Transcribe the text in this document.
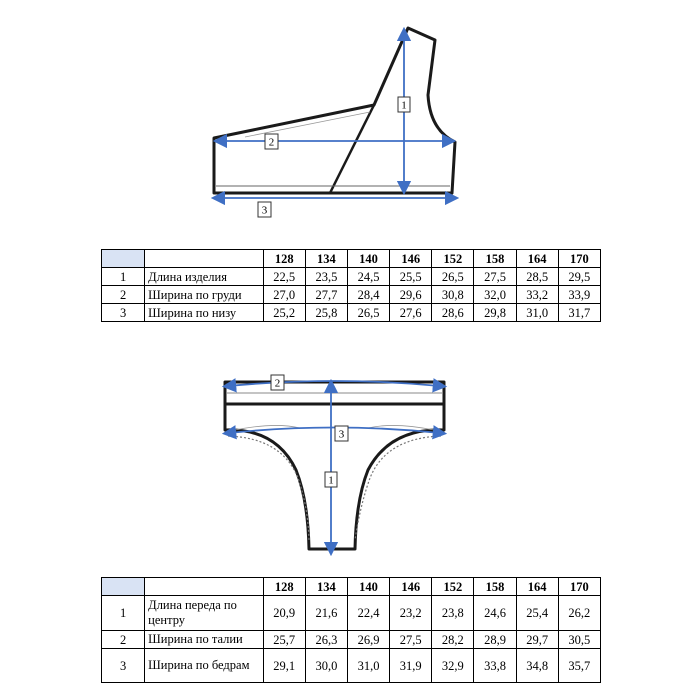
1
2
3
		128	134	140	146	152	158	164	170
1	Длина изделия	22,5	23,5	24,5	25,5	26,5	27,5	28,5	29,5
2	Ширина по груди	27,0	27,7	28,4	29,6	30,8	32,0	33,2	33,9
3	Ширина по низу	25,2	25,8	26,5	27,6	28,6	29,8	31,0	31,7
1
2
3
		128	134	140	146	152	158	164	170
1	Длина переда по центру	20,9	21,6	22,4	23,2	23,8	24,6	25,4	26,2
2	Ширина по талии	25,7	26,3	26,9	27,5	28,2	28,9	29,7	30,5
3	Ширина по бедрам	29,1	30,0	31,0	31,9	32,9	33,8	34,8	35,7
